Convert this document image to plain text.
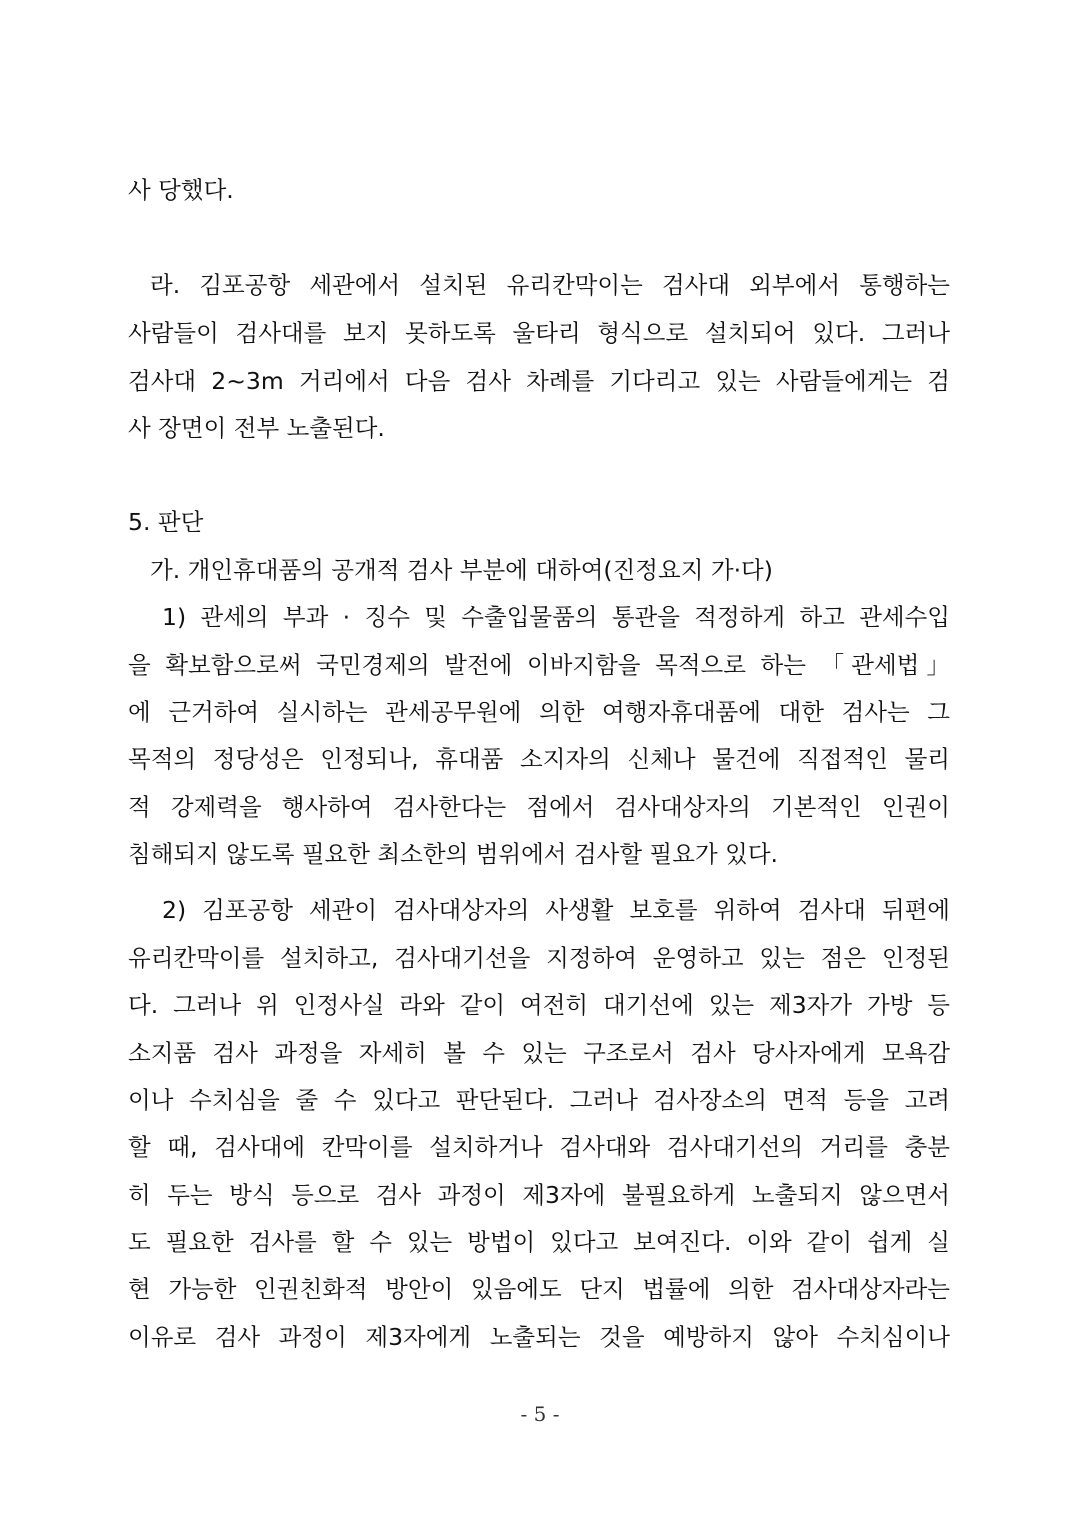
사 당했다.
라. 김포공항 세관에서 설치된 유리칸막이는 검사대 외부에서 통행하는
사람들이 검사대를 보지 못하도록 울타리 형식으로 설치되어 있다. 그러나
검사대 2~3m 거리에서 다음 검사 차례를 기다리고 있는 사람들에게는 검
사 장면이 전부 노출된다.
5. 판단
가. 개인휴대품의 공개적 검사 부분에 대하여(진정요지 가·다)
1) 관세의 부과 · 징수 및 수출입물품의 통관을 적정하게 하고 관세수입
을 확보함으로써 국민경제의 발전에 이바지함을 목적으로 하는 「관세법」
에 근거하여 실시하는 관세공무원에 의한 여행자휴대품에 대한 검사는 그
목적의 정당성은 인정되나, 휴대품 소지자의 신체나 물건에 직접적인 물리
적 강제력을 행사하여 검사한다는 점에서 검사대상자의 기본적인 인권이
침해되지 않도록 필요한 최소한의 범위에서 검사할 필요가 있다.
2) 김포공항 세관이 검사대상자의 사생활 보호를 위하여 검사대 뒤편에
유리칸막이를 설치하고, 검사대기선을 지정하여 운영하고 있는 점은 인정된
다. 그러나 위 인정사실 라와 같이 여전히 대기선에 있는 제3자가 가방 등
소지품 검사 과정을 자세히 볼 수 있는 구조로서 검사 당사자에게 모욕감
이나 수치심을 줄 수 있다고 판단된다. 그러나 검사장소의 면적 등을 고려
할 때, 검사대에 칸막이를 설치하거나 검사대와 검사대기선의 거리를 충분
히 두는 방식 등으로 검사 과정이 제3자에 불필요하게 노출되지 않으면서
도 필요한 검사를 할 수 있는 방법이 있다고 보여진다. 이와 같이 쉽게 실
현 가능한 인권친화적 방안이 있음에도 단지 법률에 의한 검사대상자라는
이유로 검사 과정이 제3자에게 노출되는 것을 예방하지 않아 수치심이나
- 5 -
